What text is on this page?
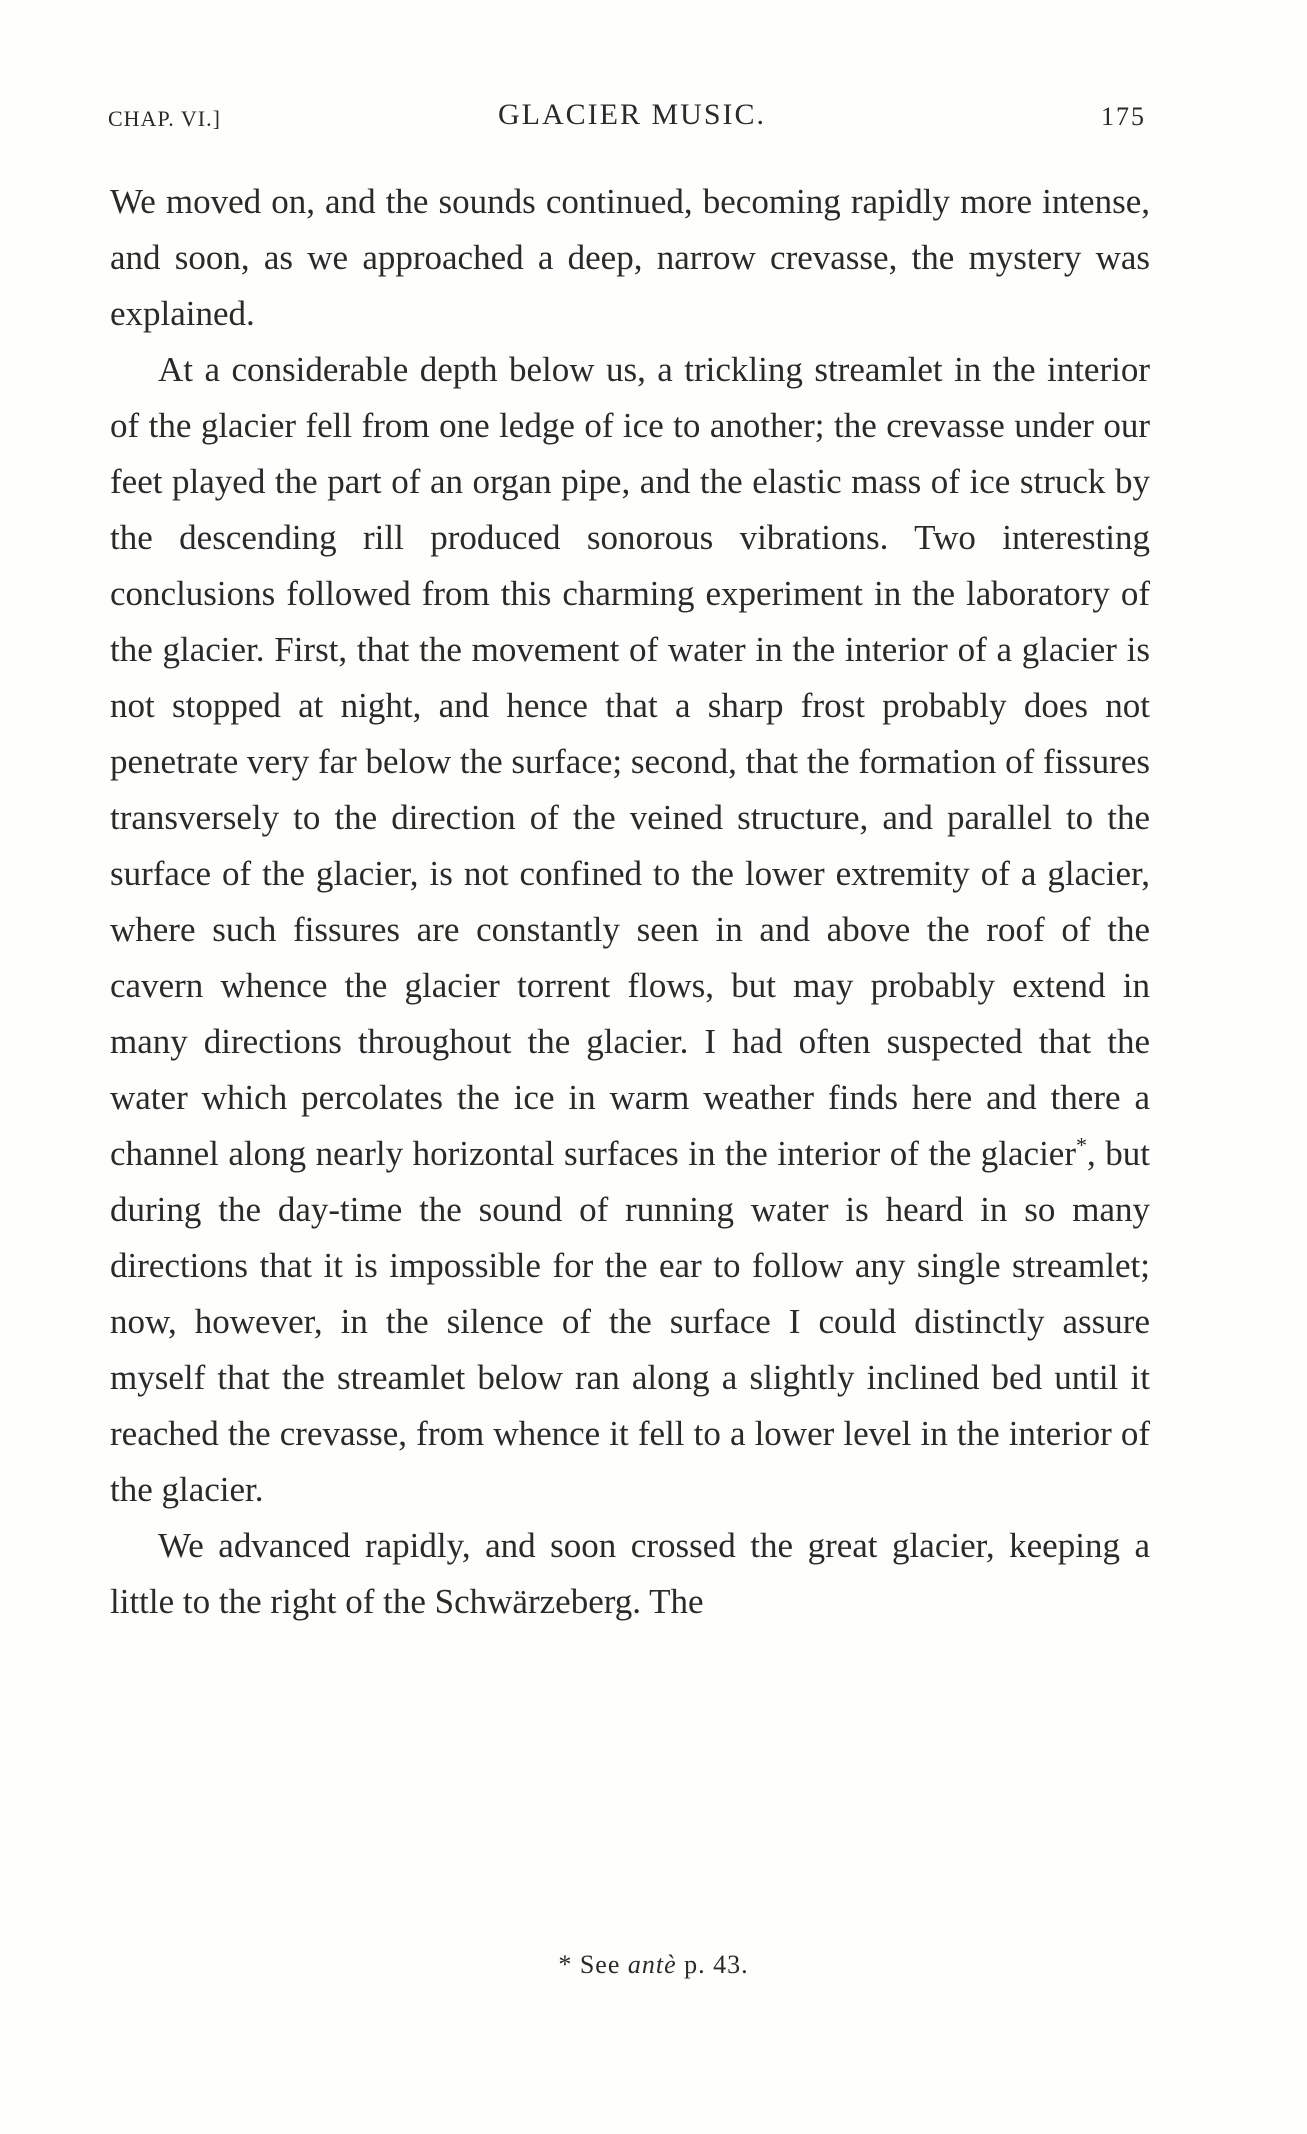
CHAP. VI.]	GLACIER MUSIC.	175

We moved on, and the sounds continued, becoming rapidly more intense, and soon, as we approached a deep, narrow crevasse, the mystery was explained.

At a considerable depth below us, a trickling streamlet in the interior of the glacier fell from one ledge of ice to another; the crevasse under our feet played the part of an organ pipe, and the elastic mass of ice struck by the descending rill produced sonorous vibrations. Two interesting conclusions followed from this charming experiment in the laboratory of the glacier. First, that the movement of water in the interior of a glacier is not stopped at night, and hence that a sharp frost probably does not penetrate very far below the surface; second, that the formation of fissures transversely to the direction of the veined structure, and parallel to the surface of the glacier, is not confined to the lower extremity of a glacier, where such fissures are constantly seen in and above the roof of the cavern whence the glacier torrent flows, but may probably extend in many directions throughout the glacier. I had often suspected that the water which percolates the ice in warm weather finds here and there a channel along nearly horizontal surfaces in the interior of the glacier*, but during the day-time the sound of running water is heard in so many directions that it is impossible for the ear to follow any single streamlet; now, however, in the silence of the surface I could distinctly assure myself that the streamlet below ran along a slightly inclined bed until it reached the crevasse, from whence it fell to a lower level in the interior of the glacier.

We advanced rapidly, and soon crossed the great glacier, keeping a little to the right of the Schwärzeberg. The

* See antè p. 43.
